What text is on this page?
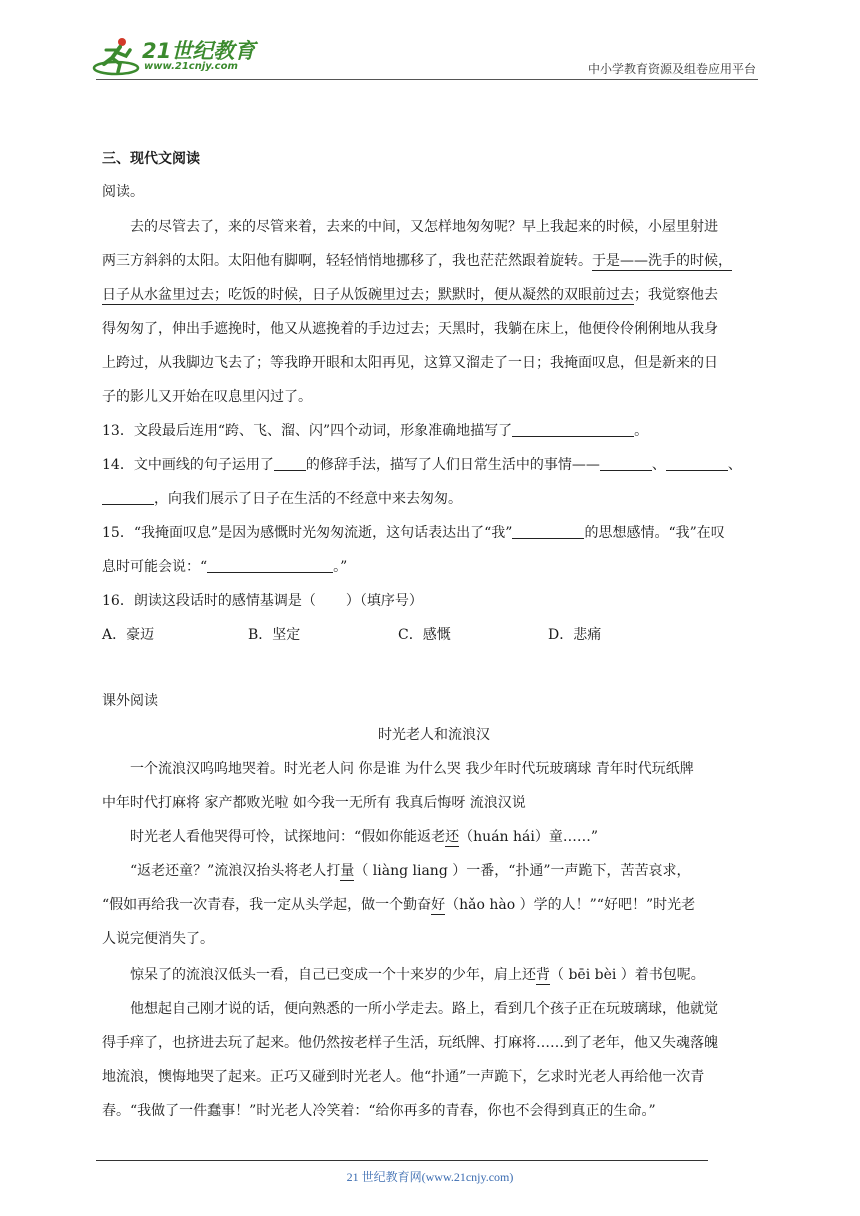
21世纪教育
www.21cnjy.com	中小学教育资源及组卷应用平台
三、现代文阅读
阅读。
去的尽管去了，来的尽管来着，去来的中间，又怎样地匆匆呢？早上我起来的时候，小屋里射进
两三方斜斜的太阳。太阳他有脚啊，轻轻悄悄地挪移了，我也茫茫然跟着旋转。于是——洗手的时候，
日子从水盆里过去；吃饭的时候，日子从饭碗里过去；默默时，便从凝然的双眼前过去；我觉察他去
得匆匆了，伸出手遮挽时，他又从遮挽着的手边过去；天黑时，我躺在床上，他便伶伶俐俐地从我身
上跨过，从我脚边飞去了；等我睁开眼和太阳再见，这算又溜走了一日；我掩面叹息，但是新来的日
子的影儿又开始在叹息里闪过了。
13．文段最后连用“跨、飞、溜、闪”四个动词，形象准确地描写了	。
14．文中画线的句子运用了 的修辞手法，描写了人们日常生活中的事情——	、	、
，向我们展示了日子在生活的不经意中来去匆匆。
15．“我掩面叹息”是因为感慨时光匆匆流逝，这句话表达出了“我”	的思想感情。“我”在叹
息时可能会说：“	。”
16．朗读这段话时的感情基调是（ ）（填序号）
A．豪迈	B．坚定	C．感慨	D．悲痛
课外阅读
时光老人和流浪汉
一个流浪汉呜呜地哭着。时光老人问 你是谁 为什么哭 我少年时代玩玻璃球 青年时代玩纸牌
中年时代打麻将 家产都败光啦 如今我一无所有 我真后悔呀 流浪汉说
时光老人看他哭得可怜，试探地问：“假如你能返老还（huán hái）童……”
“返老还童？”流浪汉抬头将老人打量（ liàng liang ）一番，“扑通”一声跪下，苦苦哀求，
“假如再给我一次青春，我一定从头学起，做一个勤奋好（hǎo hào ）学的人！”“好吧！”时光老
人说完便消失了。
惊呆了的流浪汉低头一看，自己已变成一个十来岁的少年，肩上还背（ bēi bèi ）着书包呢。
他想起自己刚才说的话，便向熟悉的一所小学走去。路上，看到几个孩子正在玩玻璃球，他就觉
得手痒了，也挤进去玩了起来。他仍然按老样子生活，玩纸牌、打麻将……到了老年，他又失魂落魄
地流浪，懊悔地哭了起来。正巧又碰到时光老人。他“扑通”一声跪下，乞求时光老人再给他一次青
春。“我做了一件蠢事！”时光老人冷笑着：“给你再多的青春，你也不会得到真正的生命。”
21 世纪教育网(www.21cnjy.com)
